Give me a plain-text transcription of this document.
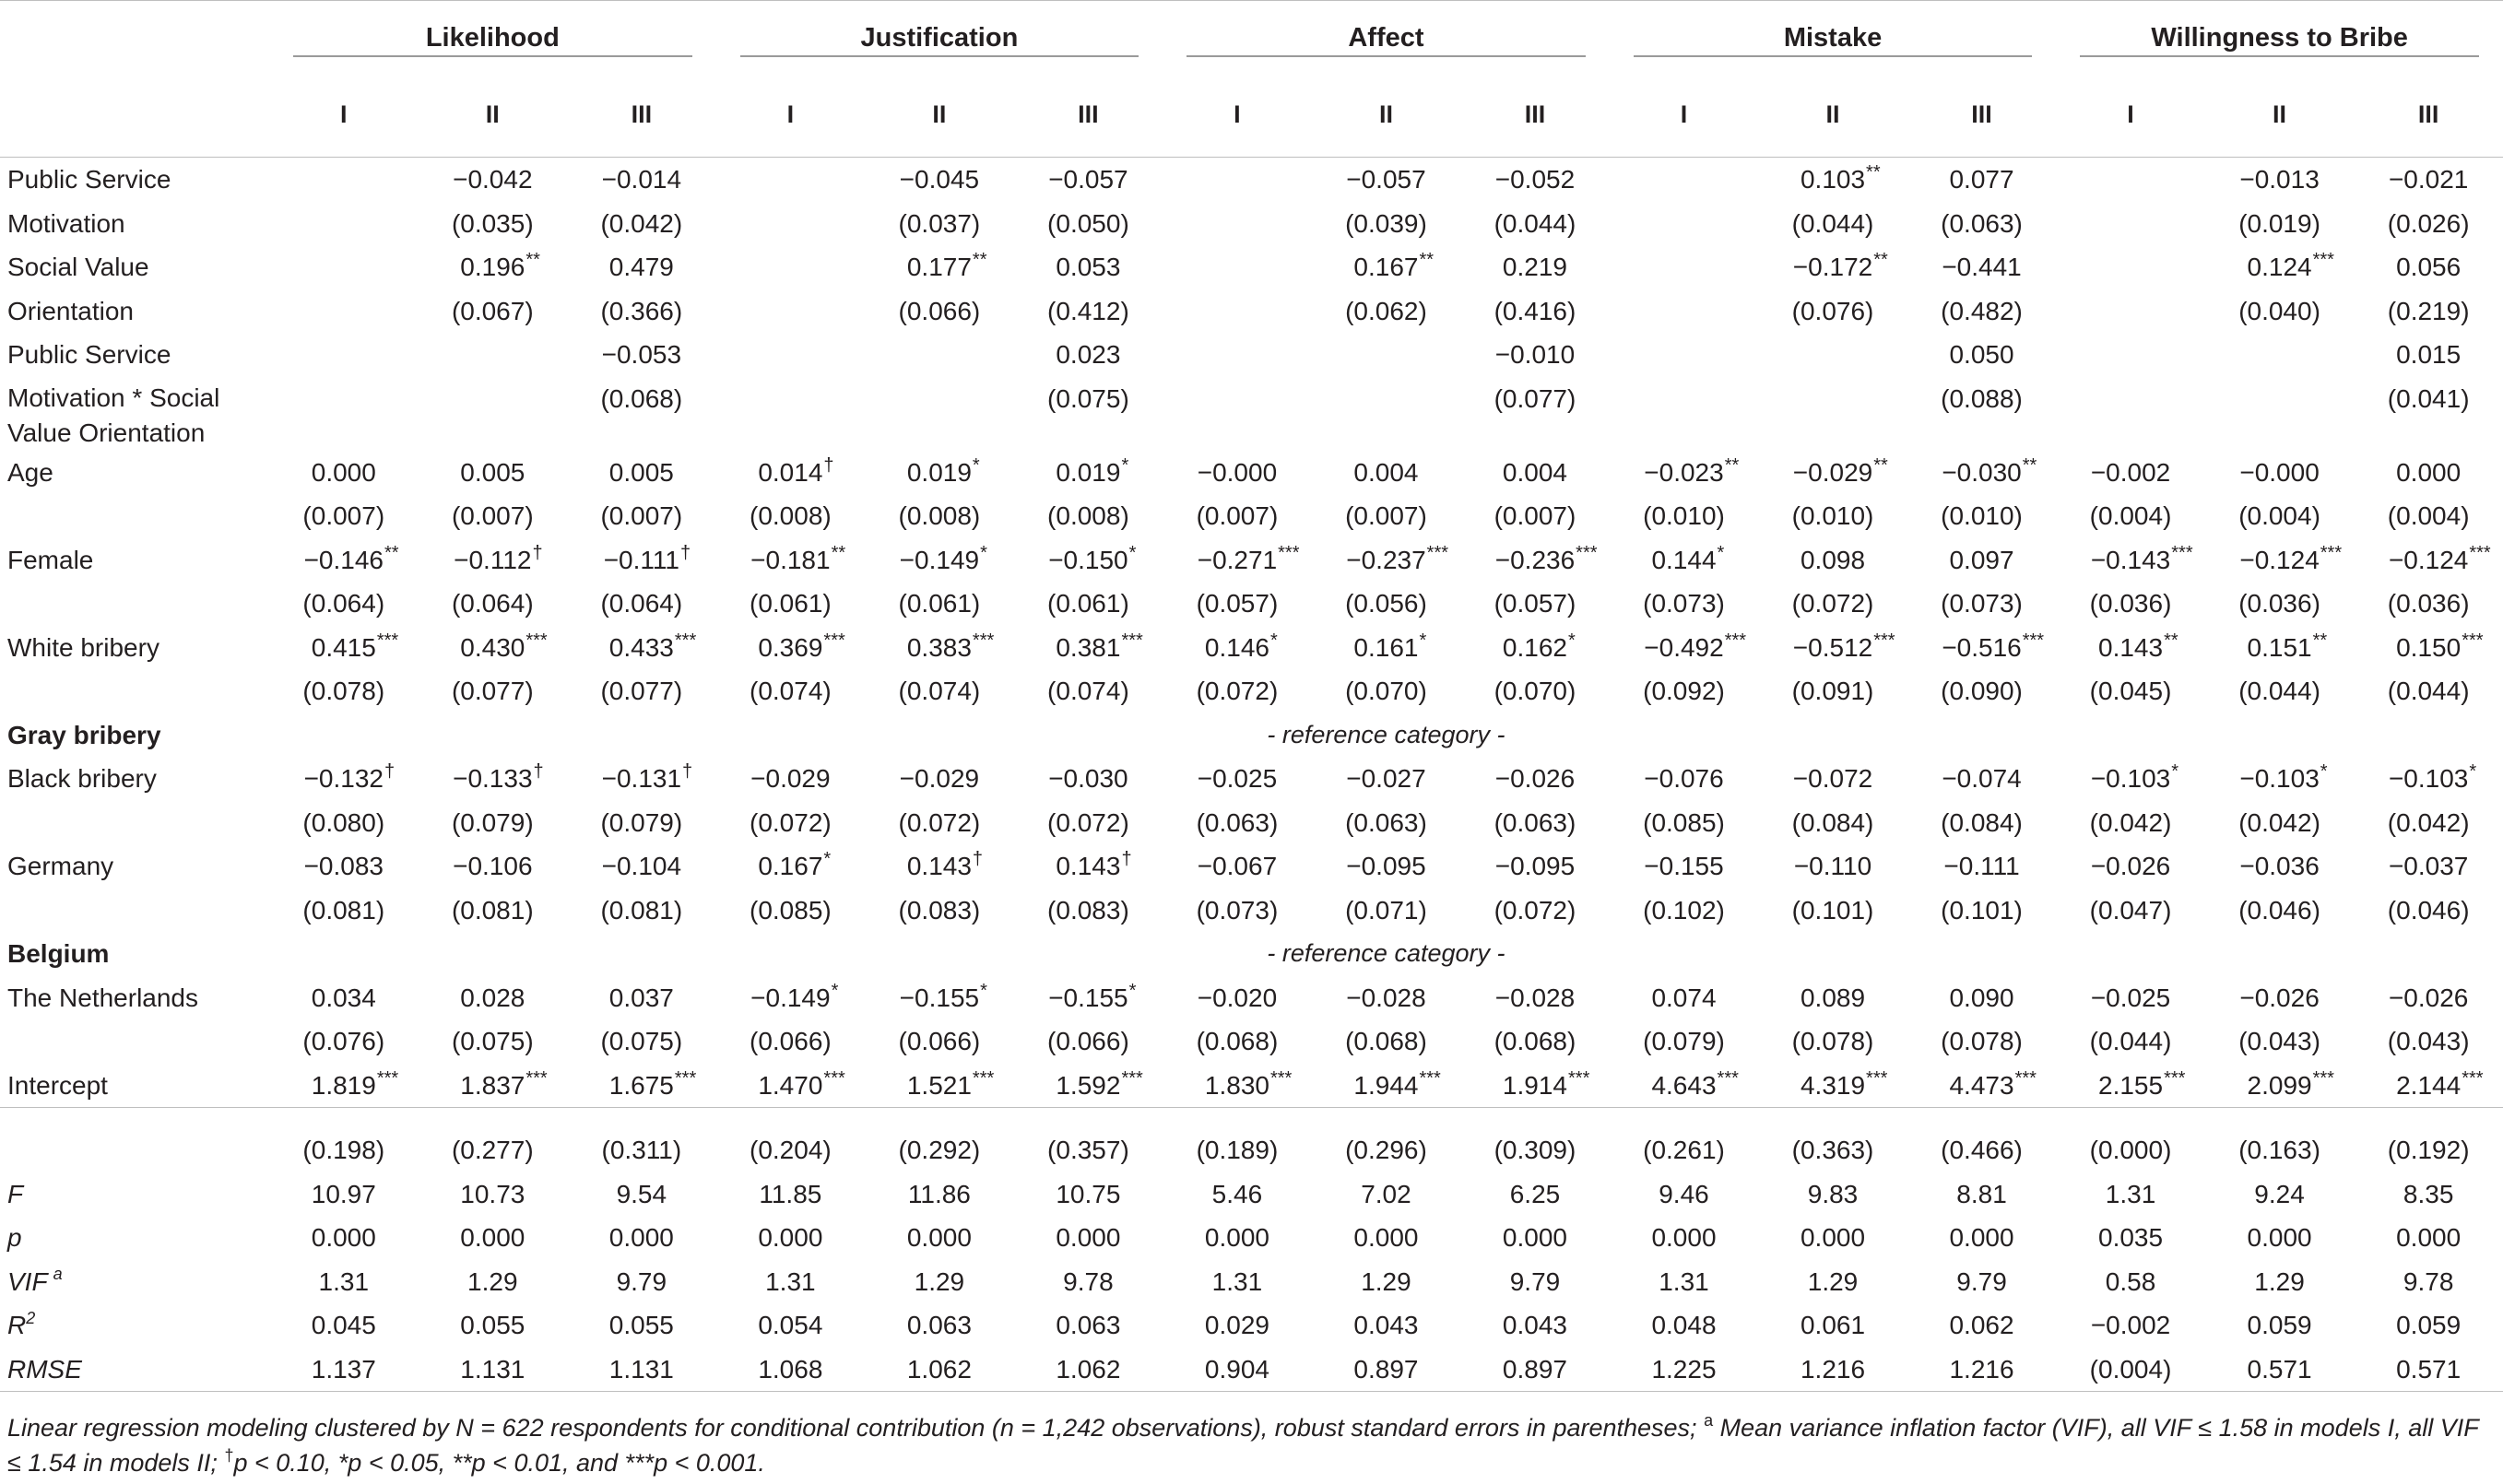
	Likelihood			Justification			Affect			Mistake			Willingness to Bribe		

	I	II	III	I	II	III	I	II	III	I	II	III	I	II	III
Public Service		−0.042	−0.014		−0.045	−0.057		−0.057	−0.052		0.103 **	0.077		−0.013	−0.021
Motivation		(0.035)	(0.042)		(0.037)	(0.050)		(0.039)	(0.044)		(0.044)	(0.063)		(0.019)	(0.026)
Social Value		0.196 **	0.479		0.177 **	0.053		0.167 **	0.219		−0.172 **	−0.441		0.124 ***	0.056
Orientation		(0.067)	(0.366)		(0.066)	(0.412)		(0.062)	(0.416)		(0.076)	(0.482)		(0.040)	(0.219)
Public Service			−0.053			0.023			−0.010			0.050			0.015
Motivation * Social Value Orientation			(0.068)			(0.075)			(0.077)			(0.088)			(0.041)
Age	0.000	0.005	0.005	0.014 †	0.019 *	0.019 *	−0.000	0.004	0.004	−0.023 **	−0.029 **	−0.030 **	−0.002	−0.000	0.000
	(0.007)	(0.007)	(0.007)	(0.008)	(0.008)	(0.008)	(0.007)	(0.007)	(0.007)	(0.010)	(0.010)	(0.010)	(0.004)	(0.004)	(0.004)
Female	−0.146 **	−0.112 †	−0.111 †	−0.181 **	−0.149 *	−0.150 *	−0.271 ***	−0.237 ***	−0.236 ***	0.144 *	0.098	0.097	−0.143 ***	−0.124 ***	−0.124 ***

	(0.064)	(0.064)	(0.064)	(0.061)	(0.061)	(0.061)	(0.057)	(0.056)	(0.057)	(0.073)	(0.072)	(0.073)	(0.036)	(0.036)	(0.036)
White bribery	0.415 ***	0.430 ***	0.433 ***	0.369 ***	0.383 ***	0.381 ***	0.146 *	0.161 *	0.162 *	−0.492 ***	−0.512 ***	−0.516 ***	0.143 **	0.151 **	0.150 ***

	(0.078)	(0.077)	(0.077)	(0.074)	(0.074)	(0.074)	(0.072)	(0.070)	(0.070)	(0.092)	(0.091)	(0.090)	(0.045)	(0.044)	(0.044)
Gray bribery							- reference category -								
Black bribery	−0.132 †	−0.133 †	−0.131 †	−0.029	−0.029	−0.030	−0.025	−0.027	−0.026	−0.076	−0.072	−0.074	−0.103 *	−0.103 *	−0.103 *

	(0.080)	(0.079)	(0.079)	(0.072)	(0.072)	(0.072)	(0.063)	(0.063)	(0.063)	(0.085)	(0.084)	(0.084)	(0.042)	(0.042)	(0.042)
Germany	−0.083	−0.106	−0.104	0.167 *	0.143 †	0.143 †	−0.067	−0.095	−0.095	−0.155	−0.110	−0.111	−0.026	−0.036	−0.037
	(0.081)	(0.081)	(0.081)	(0.085)	(0.083)	(0.083)	(0.073)	(0.071)	(0.072)	(0.102)	(0.101)	(0.101)	(0.047)	(0.046)	(0.046)
Belgium							- reference category -								
The Netherlands	0.034	0.028	0.037	−0.149 *	−0.155 *	−0.155 *	−0.020	−0.028	−0.028	0.074	0.089	0.090	−0.025	−0.026	−0.026
	(0.076)	(0.075)	(0.075)	(0.066)	(0.066)	(0.066)	(0.068)	(0.068)	(0.068)	(0.079)	(0.078)	(0.078)	(0.044)	(0.043)	(0.043)
Intercept	1.819 ***	1.837 ***	1.675 ***	1.470 ***	1.521 ***	1.592 ***	1.830 ***	1.944 ***	1.914 ***	4.643 ***	4.319 ***	4.473 ***	2.155 ***	2.099 ***	2.144 ***

	(0.198)	(0.277)	(0.311)	(0.204)	(0.292)	(0.357)	(0.189)	(0.296)	(0.309)	(0.261)	(0.363)	(0.466)	(0.000)	(0.163)	(0.192)
F	10.97	10.73	9.54	11.85	11.86	10.75	5.46	7.02	6.25	9.46	9.83	8.81	1.31	9.24	8.35
p	0.000	0.000	0.000	0.000	0.000	0.000	0.000	0.000	0.000	0.000	0.000	0.000	0.035	0.000	0.000
VIF $^a$	1.31	1.29	9.79	1.31	1.29	9.78	1.31	1.29	9.79	1.31	1.29	9.79	0.58	1.29	9.78
$R^2$	0.045	0.055	0.055	0.054	0.063	0.063	0.029	0.043	0.043	0.048	0.061	0.062	−0.002	0.059	0.059
RMSE	1.137	1.131	1.131	1.068	1.062	1.062	0.904	0.897	0.897	1.225	1.216	1.216	(0.004)	0.571	0.571
Linear regression modeling clustered by N = 622 respondents for conditional contribution (n = 1,242 observations), robust standard errors in parentheses; $^a$ Mean variance inflation factor (VIF), all VIF ≤ 1.58 in models I, all VIF ≤ 1.54 in models II; †p < 0.10, *p < 0.05, **p < 0.01, and ***p < 0.001.
